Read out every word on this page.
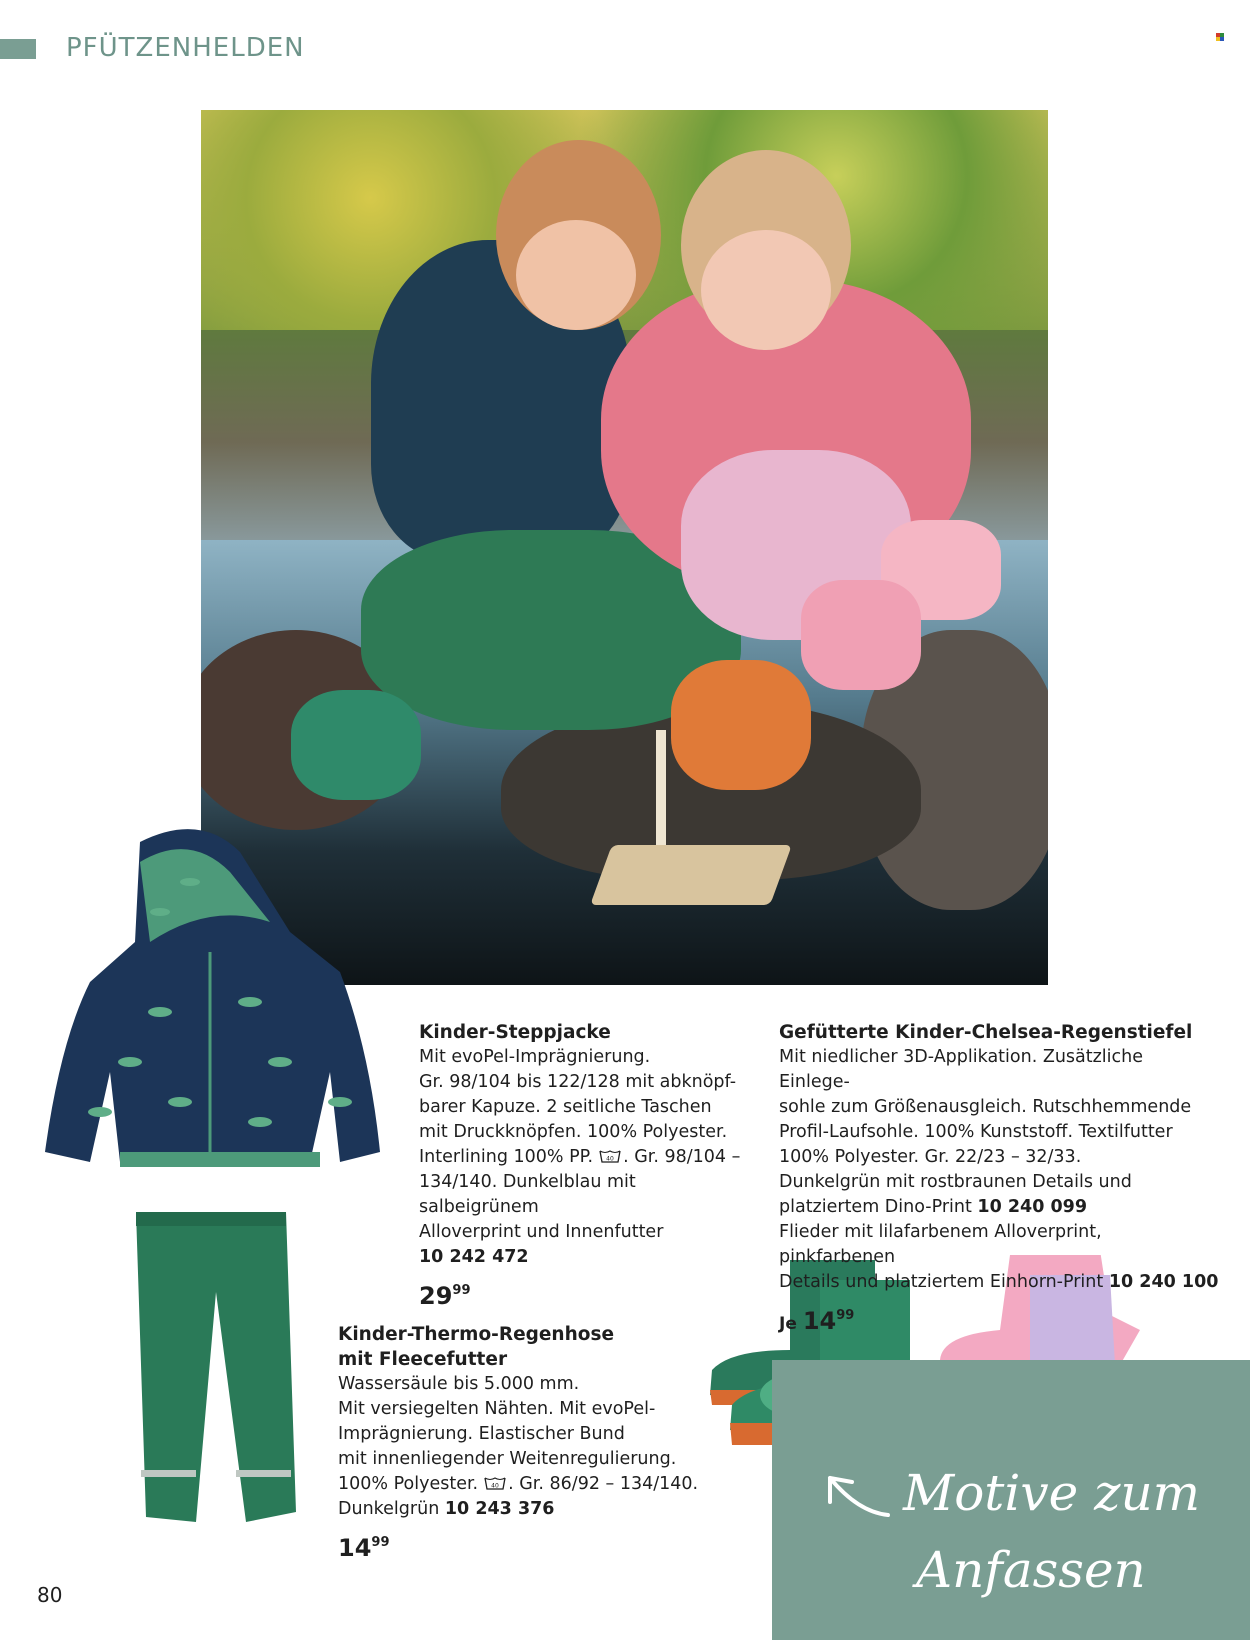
PFÜTZENHELDEN
Kinder-Steppjacke
Mit evoPel-Imprägnierung.
Gr. 98/104 bis 122/128 mit abknöpf-
barer Kapuze. 2 seitliche Taschen
mit Druckknöpfen. 100% Polyester.
Interlining 100% PP. 40 . Gr. 98/104 –
134/140. Dunkelblau mit salbeigrünem
Alloverprint und Innenfutter
10 242 472
$29^{99}$
Gefütterte Kinder-Chelsea-Regenstiefel
Mit niedlicher 3D-Applikation. Zusätzliche Einlege-
sohle zum Größenausgleich. Rutschhemmende
Profil-Laufsohle. 100% Kunststoff. Textilfutter
100% Polyester. Gr. 22/23 – 32/33.
Dunkelgrün mit rostbraunen Details und
platziertem Dino-Print 10 240 099
Flieder mit lilafarbenem Alloverprint, pinkfarbenen
Details und platziertem Einhorn-Print 10 240 100
Je $14^{99}$
Kinder-Thermo-Regenhose
mit Fleecefutter
Wassersäule bis 5.000 mm.
Mit versiegelten Nähten. Mit evoPel-
Imprägnierung. Elastischer Bund
mit innenliegender Weitenregulierung.
100% Polyester. 40 . Gr. 86/92 – 134/140.
Dunkelgrün 10 243 376
$14^{99}$
Motive zum
Anfassen
80
